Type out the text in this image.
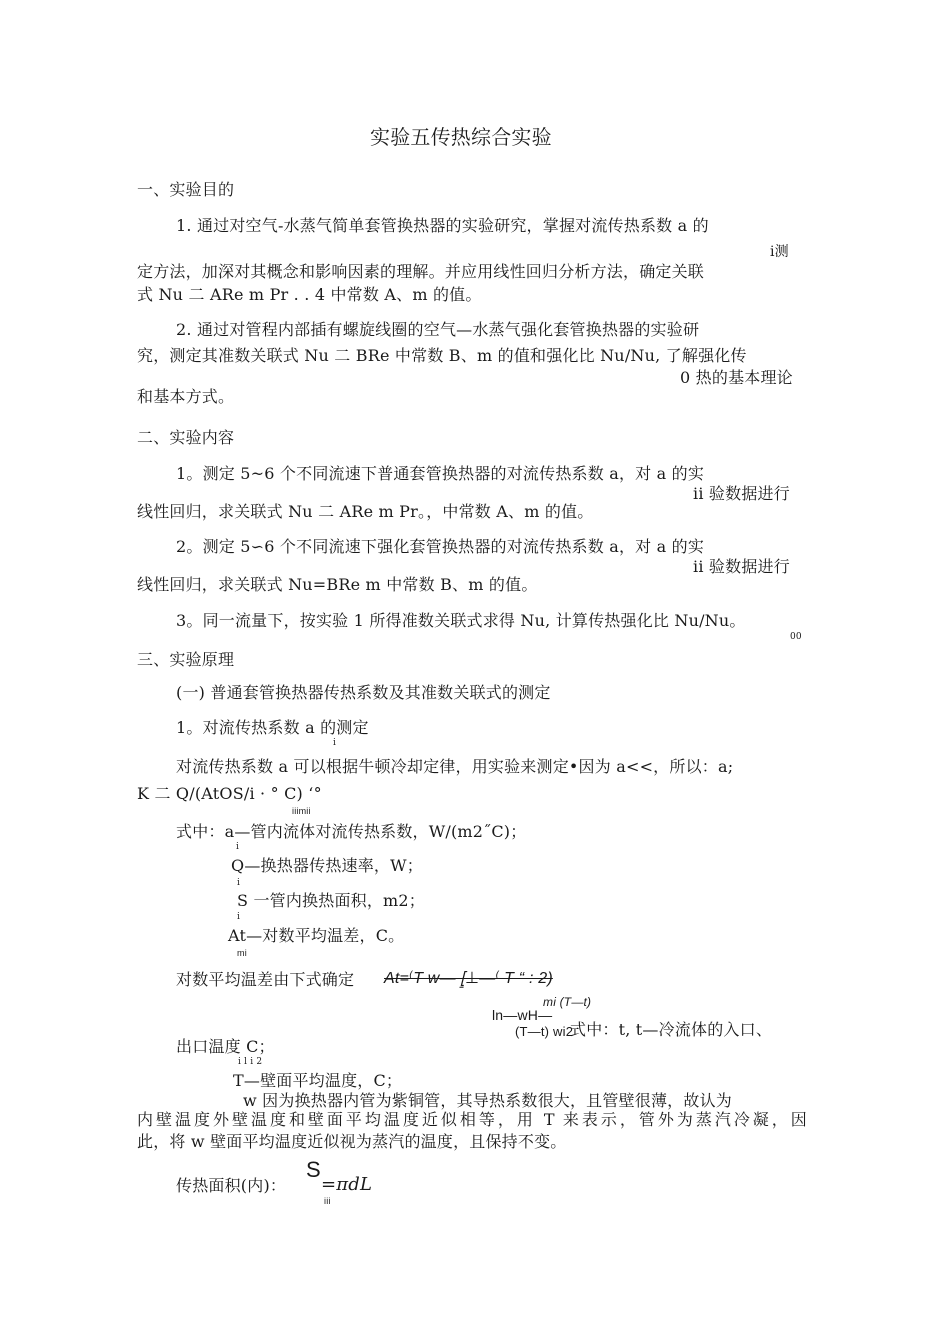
实验五传热综合实验
一、实验目的
1. 通过对空气-水蒸气简单套管换热器的实验研究，掌握对流传热系数 a 的
i测
定方法，加深对其概念和影响因素的理解。并应用线性回归分析方法，确定关联
式 Nu 二 ARe m Pr . . 4 中常数 A、m 的值。
2. 通过对管程内部插有螺旋线圈的空气—水蒸气强化套管换热器的实验研
究，测定其准数关联式 Nu 二 BRe 中常数 B、m 的值和强化比 Nu/Nu, 了解强化传
0 热的基本理论
和基本方式。
二、实验内容
1。测定 5~6 个不同流速下普通套管换热器的对流传热系数 a，对 a 的实
ii 验数据进行
线性回归，求关联式 Nu 二 ARe m Pr。，中常数 A、m 的值。
2。测定 5∽6 个不同流速下强化套管换热器的对流传热系数 a，对 a 的实
ii 验数据进行
线性回归，求关联式 Nu=BRe m 中常数 B、m 的值。
3。同一流量下，按实验 1 所得准数关联式求得 Nu, 计算传热强化比 Nu/Nu。
00
三、实验原理
(一) 普通套管换热器传热系数及其准数关联式的测定
1。对流传热系数 a 的测定
i
对流传热系数 a 可以根据牛顿冷却定律，用实验来测定•因为 a<<，所以：a;
K 二 Q/(AtOS/i · ° C) ‘°
iiimii
式中：a—管内流体对流传热系数，W/(m2˝C)；
i
Q—换热器传热速率，W；
i
S 一管内换热面积，m2；
i
At—对数平均温差，C。
mi
对数平均温差由下式确定 At=⁽T w— ⦋⊥—⁽ T “ : 2)
mi (T—t)
ln—wH—
(T—t) wi2
式中：t, t—冷流体的入口、
出口温度 C；
i l i 2
T—壁面平均温度，C；
w 因为换热器内管为紫铜管，其导热系数很大，且管壁很薄，故认为
内壁温度外壁温度和壁面平均温度近似相等，用 T 来表示，管外为蒸汽冷凝，因
此，将 w 壁面平均温度近似视为蒸汽的温度，且保持不变。
传热面积(内)：
S
=πdL
iii
